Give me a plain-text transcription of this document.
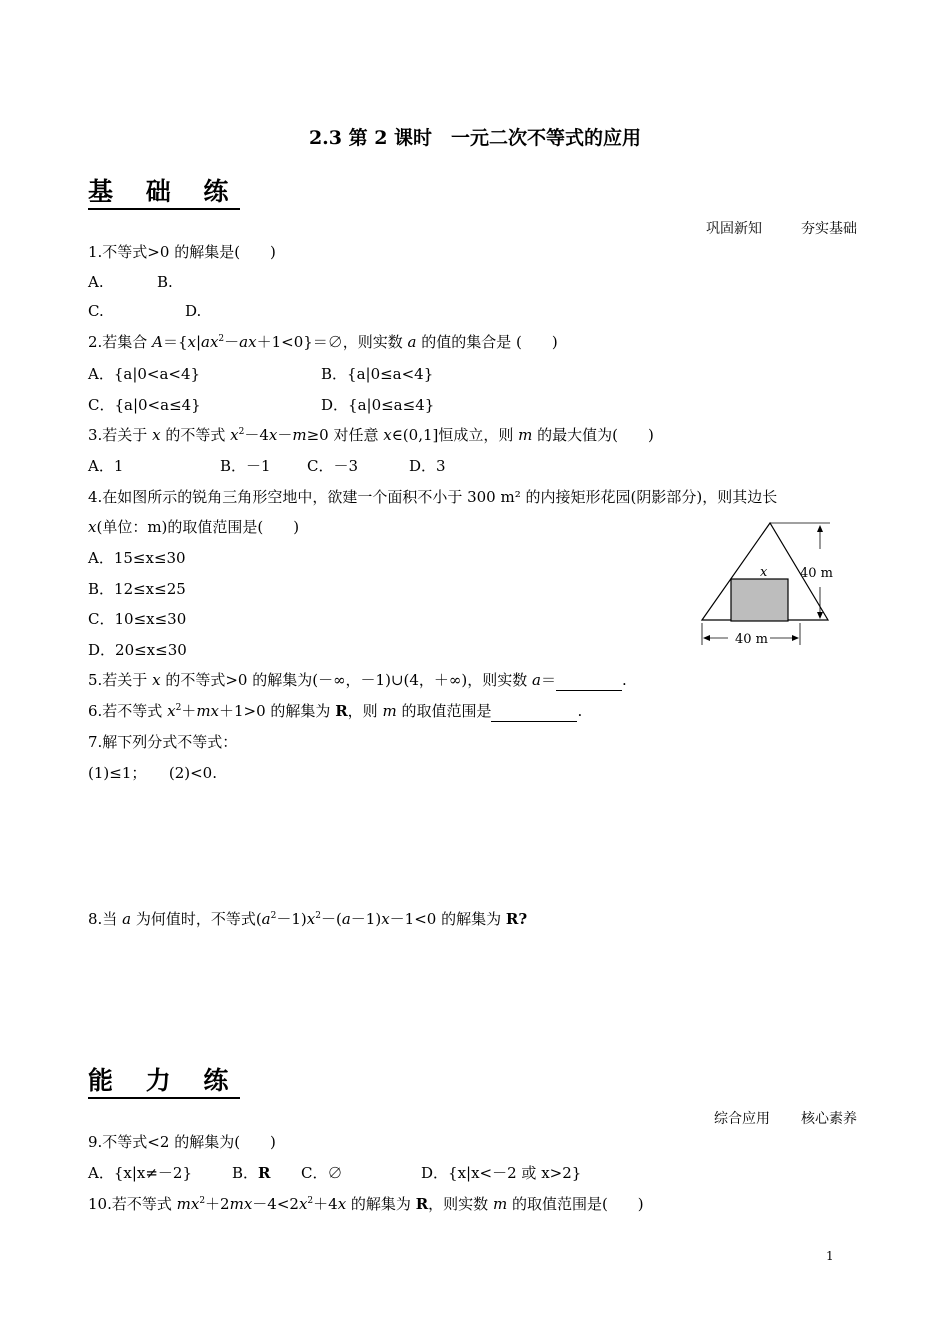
2.3 第 2 课时　一元二次不等式的应用
基 础 练
巩固新知	夯实基础
1.不等式>0 的解集是(　　)
A.	B.
C.	D.
2.若集合 $A=\{x|ax^2-ax+1<0\}=\emptyset$，则实数 a 的值的集合是 (　　)
A．{a|0<a<4}	B．{a|0≤a<4}
C．{a|0<a≤4}	D．{a|0≤a≤4}
3.若关于 x 的不等式 $x^2-4x-m\ge 0$ 对任意 x∈(0,1]恒成立，则 m 的最大值为(　　)
A．1	B．－1 C．－3	D．3
4.在如图所示的锐角三角形空地中，欲建一个面积不小于 300 m² 的内接矩形花园(阴影部分)，则其边长
x(单位：m)的取值范围是(　　)
A．15≤x≤30
B．12≤x≤25
C．10≤x≤30
D．20≤x≤30
40 m
x
40 m
5.若关于 x 的不等式>0 的解集为(－∞，－1)∪(4，＋∞)，则实数 a＝	.
6.若不等式 $x^2+mx+1>0$ 的解集为 R，则 m 的取值范围是	.
7.解下列分式不等式：
(1)≤1；　　(2)<0.
8.当 a 为何值时，不等式$(a^2-1)x^2-(a-1)x-1<0$ 的解集为 R?
能 力 练
综合应用 核心素养
9.不等式<2 的解集为(　　)
A．{x|x≠－2}	B．R C．∅	D．{x|x<－2 或 x>2}
10.若不等式 $mx^2+2mx-4<2x^2+4x$ 的解集为 R，则实数 m 的取值范围是(　　)
1
